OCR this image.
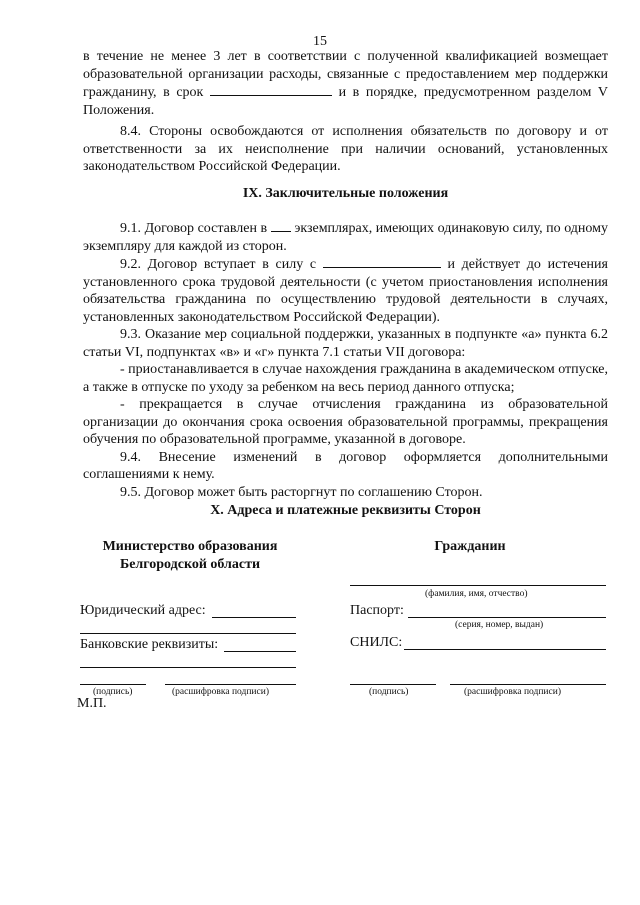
15

в течение не менее 3 лет в соответствии с полученной квалификацией возмещает образовательной организации расходы, связанные с предоставлением мер поддержки гражданину, в срок	и в порядке, предусмотренном разделом V Положения.

8.4. Стороны освобождаются от исполнения обязательств по договору и от ответственности за их неисполнение при наличии оснований, установленных законодательством Российской Федерации.

IX. Заключительные положения

9.1. Договор составлен в экземплярах, имеющих одинаковую силу, по одному экземпляру для каждой из сторон.

9.2. Договор вступает в силу с	и действует до истечения установленного срока трудовой деятельности (с учетом приостановления исполнения обязательства гражданина по осуществлению трудовой деятельности в случаях, установленных законодательством Российской Федерации).

9.3. Оказание мер социальной поддержки, указанных в подпункте «а» пункта 6.2 статьи VI, подпунктах «в» и «г» пункта 7.1 статьи VII договора:

- приостанавливается в случае нахождения гражданина в академическом отпуске, а также в отпуске по уходу за ребенком на весь период данного отпуска;

- прекращается в случае отчисления гражданина из образовательной организации до окончания срока освоения образовательной программы, прекращения обучения по образовательной программе, указанной в договоре.

9.4. Внесение изменений в договор оформляется дополнительными соглашениями к нему.

9.5. Договор может быть расторгнут по соглашению Сторон.

X. Адреса и платежные реквизиты Сторон
Министерство образования
Белгородской области
Юридический адрес:
Банковские реквизиты:
(подпись)	(расшифровка подписи)
М.П.
Гражданин
(фамилия, имя, отчество)
Паспорт:
(серия, номер, выдан)
СНИЛС:
(подпись)	(расшифровка подписи)
